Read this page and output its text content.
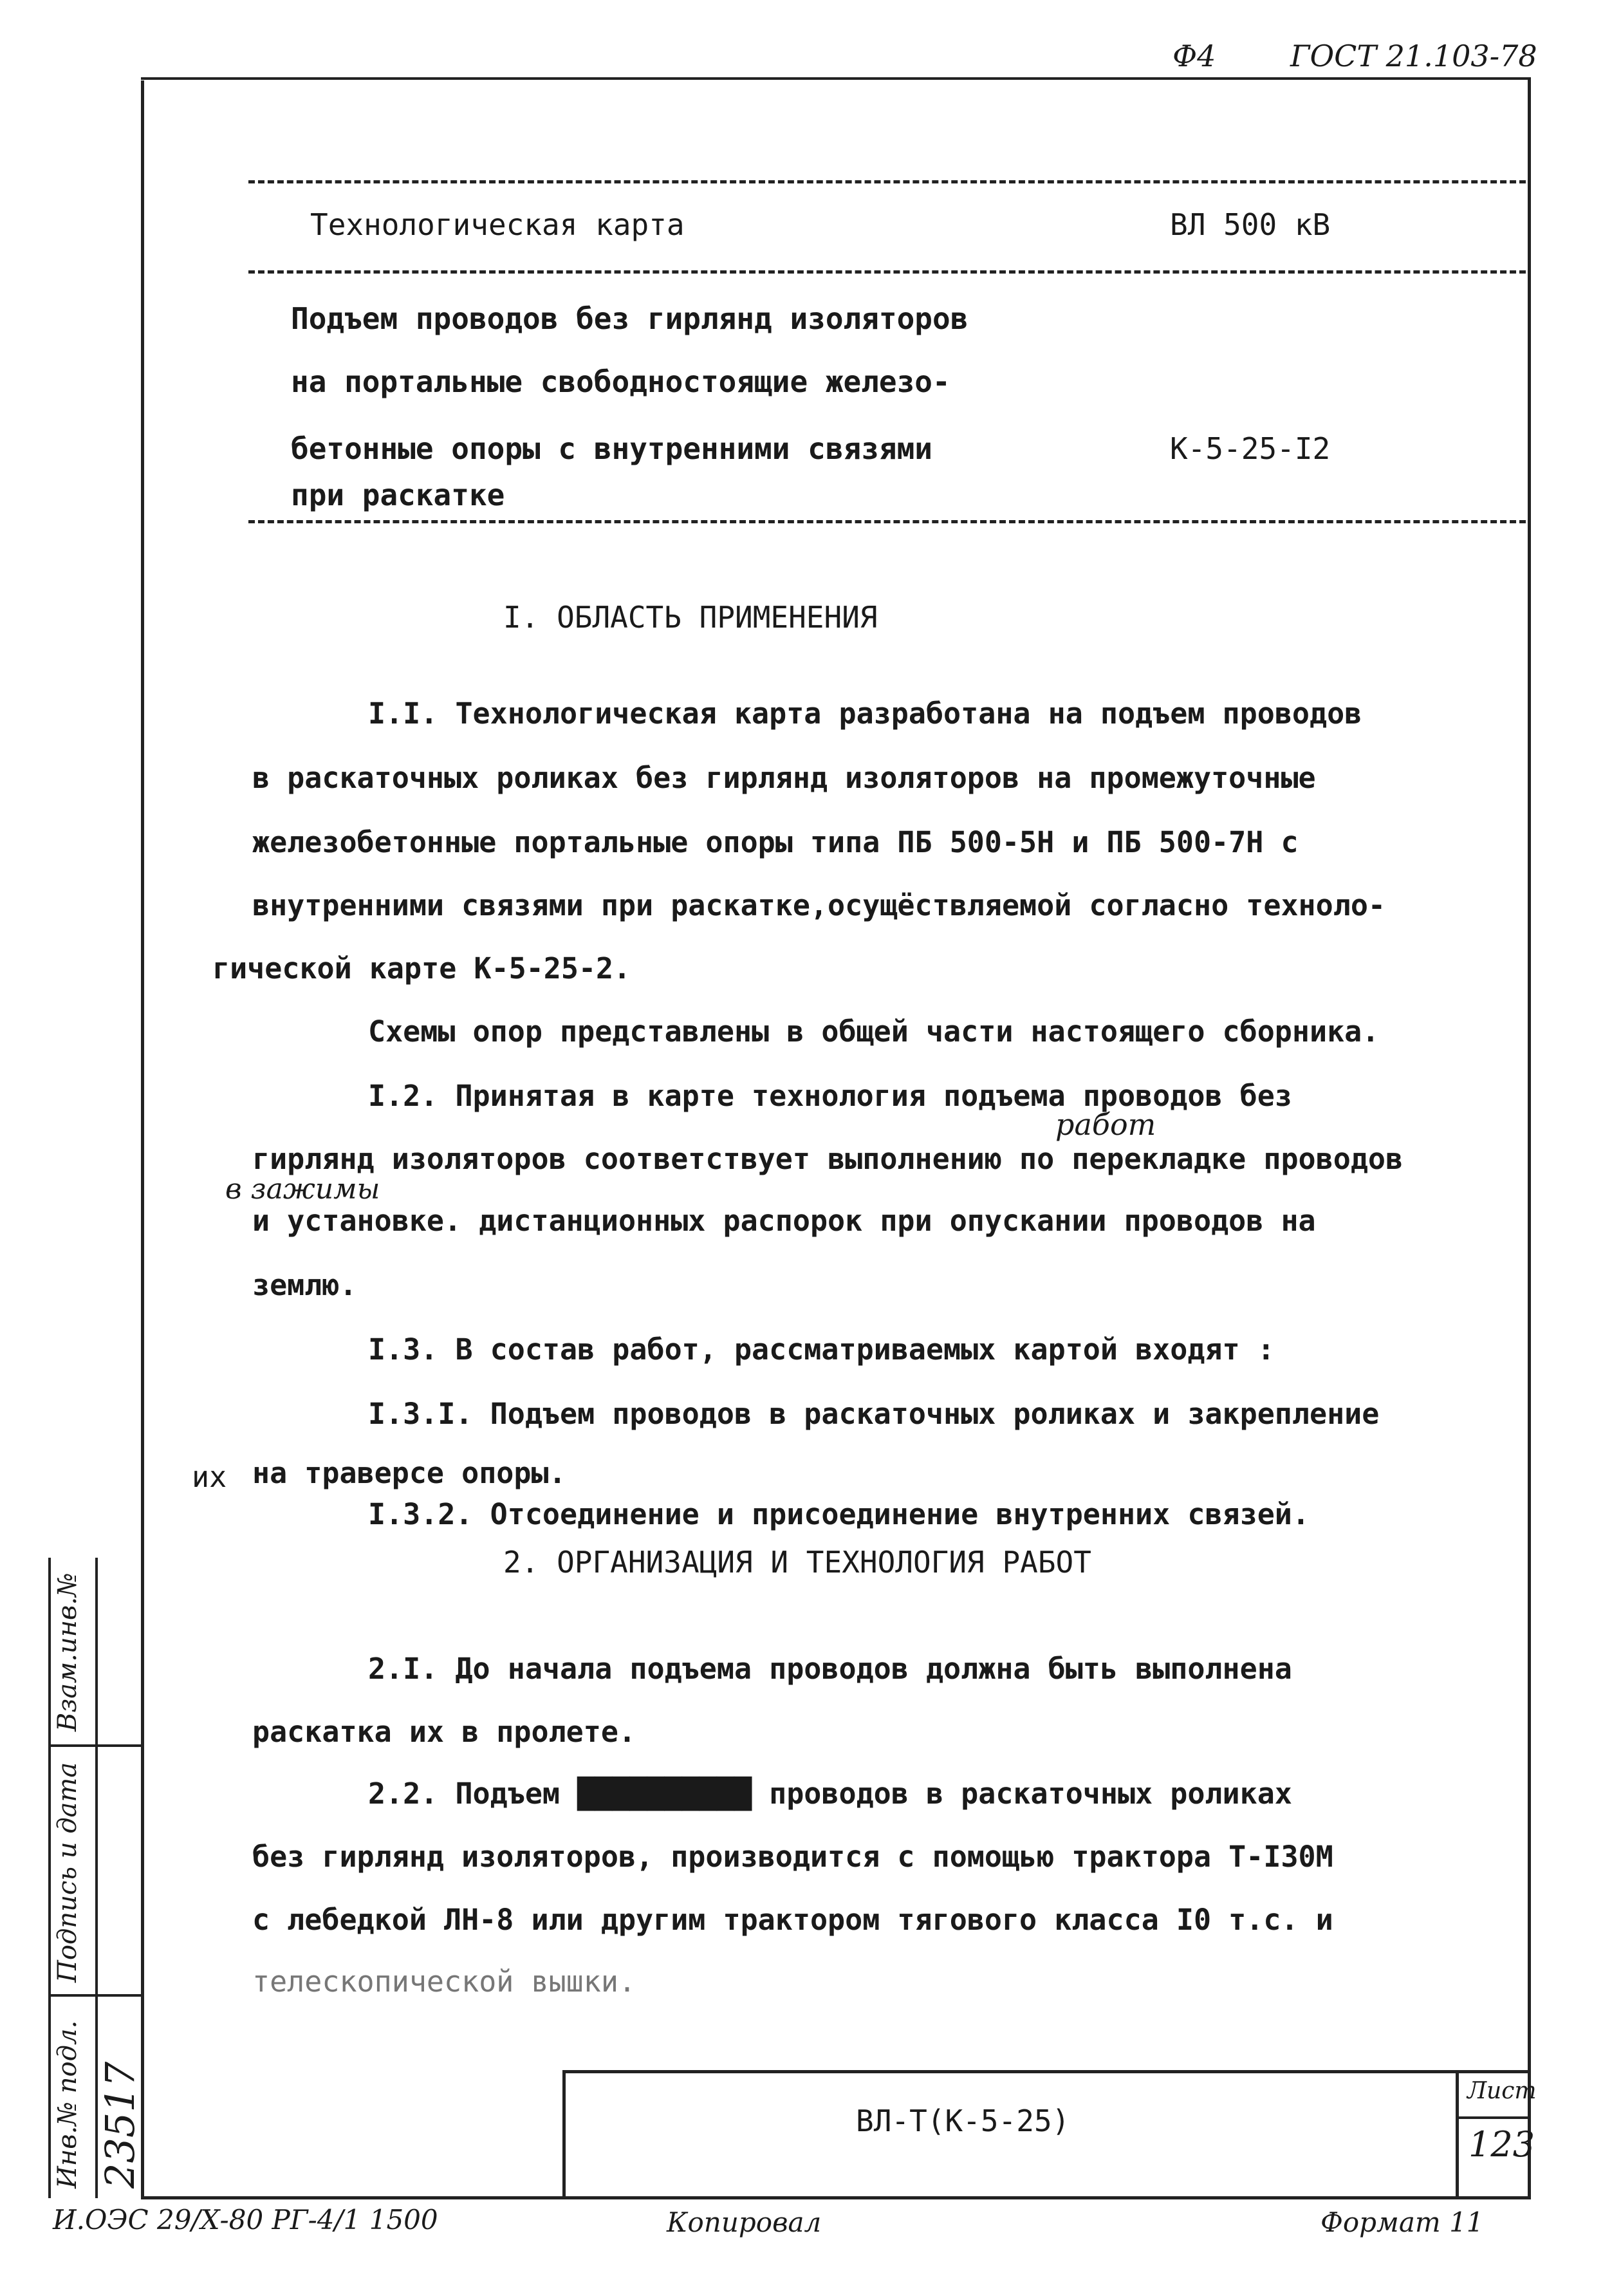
Ф4	ГОСТ 21.103-78
Технологическая карта	ВЛ 500 кВ
Подъем проводов без гирлянд изоляторов
на портальные свободностоящие железо-
бетонные опоры с внутренними связями
при раскатке
К-5-25-I2
I. ОБЛАСТЬ ПРИМЕНЕНИЯ
I.I. Технологическая карта разработана на подъем проводов
в раскаточных роликах без гирлянд изоляторов на промежуточные
железобетонные портальные опоры типа ПБ 500-5Н и ПБ 500-7Н с
внутренними связями при раскатке,осущёствляемой согласно техноло-
гической карте К-5-25-2.
Схемы опор представлены в общей части настоящего сборника.
I.2. Принятая в карте технология подъема проводов без
работ
гирлянд изоляторов соответствует выполнению по перекладке проводов
в зажимы
и установке. дистанционных распорок при опускании проводов на
землю.
I.3. В состав работ, рассматриваемых картой входят :
I.3.I. Подъем проводов в раскаточных роликах и закрепление
их на траверсе опоры.
I.3.2. Отсоединение и присоединение внутренних связей.
2. ОРГАНИЗАЦИЯ И ТЕХНОЛОГИЯ РАБОТ
2.I. До начала подъема проводов должна быть выполнена
раскатка их в пролете.
2.2. Подъем ██████████ проводов в раскаточных роликах
без гирлянд изоляторов, производится с помощью трактора Т-I30М
с лебедкой ЛН-8 или другим трактором тягового класса I0 т.с. и
телескопической вышки.
ВЛ-Т(К-5-25)
Лист
123
Взам.инв.№
Подпись и дата
Инв.№ подл. 23517
И.ОЭС 29/Х-80 РГ-4/1 1500	Копировал	Формат 11
